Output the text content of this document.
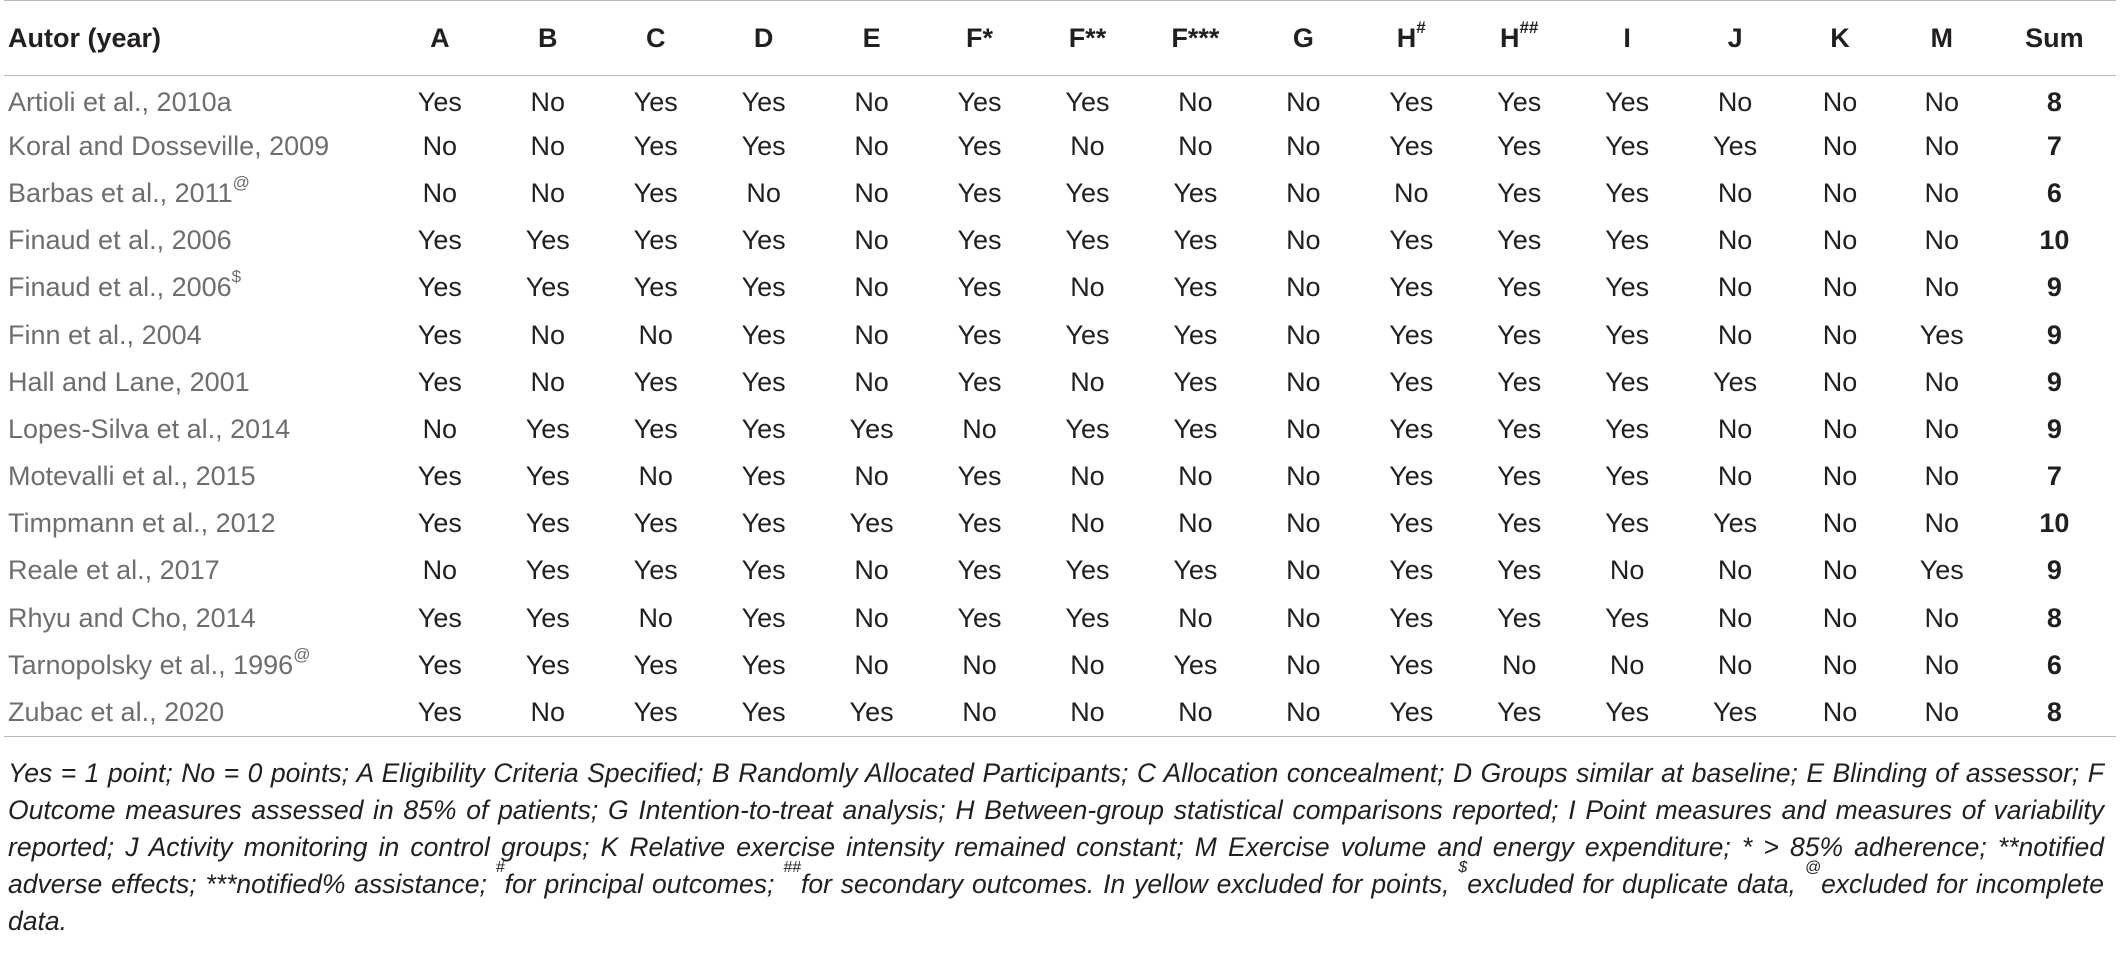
Autor (year)	A	B	C	D	E	F*	F**	F***	G	H#	H##	I	J	K	M	Sum
Artioli et al., 2010a	Yes	No	Yes	Yes	No	Yes	Yes	No	No	Yes	Yes	Yes	No	No	No	8
Koral and Dosseville, 2009	No	No	Yes	Yes	No	Yes	No	No	No	Yes	Yes	Yes	Yes	No	No	7
Barbas et al., 2011@	No	No	Yes	No	No	Yes	Yes	Yes	No	No	Yes	Yes	No	No	No	6
Finaud et al., 2006	Yes	Yes	Yes	Yes	No	Yes	Yes	Yes	No	Yes	Yes	Yes	No	No	No	10
Finaud et al., 2006$	Yes	Yes	Yes	Yes	No	Yes	No	Yes	No	Yes	Yes	Yes	No	No	No	9
Finn et al., 2004	Yes	No	No	Yes	No	Yes	Yes	Yes	No	Yes	Yes	Yes	No	No	Yes	9
Hall and Lane, 2001	Yes	No	Yes	Yes	No	Yes	No	Yes	No	Yes	Yes	Yes	Yes	No	No	9
Lopes-Silva et al., 2014	No	Yes	Yes	Yes	Yes	No	Yes	Yes	No	Yes	Yes	Yes	No	No	No	9
Motevalli et al., 2015	Yes	Yes	No	Yes	No	Yes	No	No	No	Yes	Yes	Yes	No	No	No	7
Timpmann et al., 2012	Yes	Yes	Yes	Yes	Yes	Yes	No	No	No	Yes	Yes	Yes	Yes	No	No	10
Reale et al., 2017	No	Yes	Yes	Yes	No	Yes	Yes	Yes	No	Yes	Yes	No	No	No	Yes	9
Rhyu and Cho, 2014	Yes	Yes	No	Yes	No	Yes	Yes	No	No	Yes	Yes	Yes	No	No	No	8
Tarnopolsky et al., 1996@	Yes	Yes	Yes	Yes	No	No	No	Yes	No	Yes	No	No	No	No	No	6
Zubac et al., 2020	Yes	No	Yes	Yes	Yes	No	No	No	No	Yes	Yes	Yes	Yes	No	No	8

Yes = 1 point; No = 0 points; A Eligibility Criteria Specified; B Randomly Allocated Participants; C Allocation concealment; D Groups similar at baseline; E Blinding of assessor; F Outcome measures assessed in 85% of patients; G Intention-to-treat analysis; H Between-group statistical comparisons reported; I Point measures and measures of variability reported; J Activity monitoring in control groups; K Relative exercise intensity remained constant; M Exercise volume and energy expenditure; * > 85% adherence; **notified adverse effects; ***notified% assistance; #for principal outcomes; ##for secondary outcomes. In yellow excluded for points, $excluded for duplicate data, @excluded for incomplete data.
